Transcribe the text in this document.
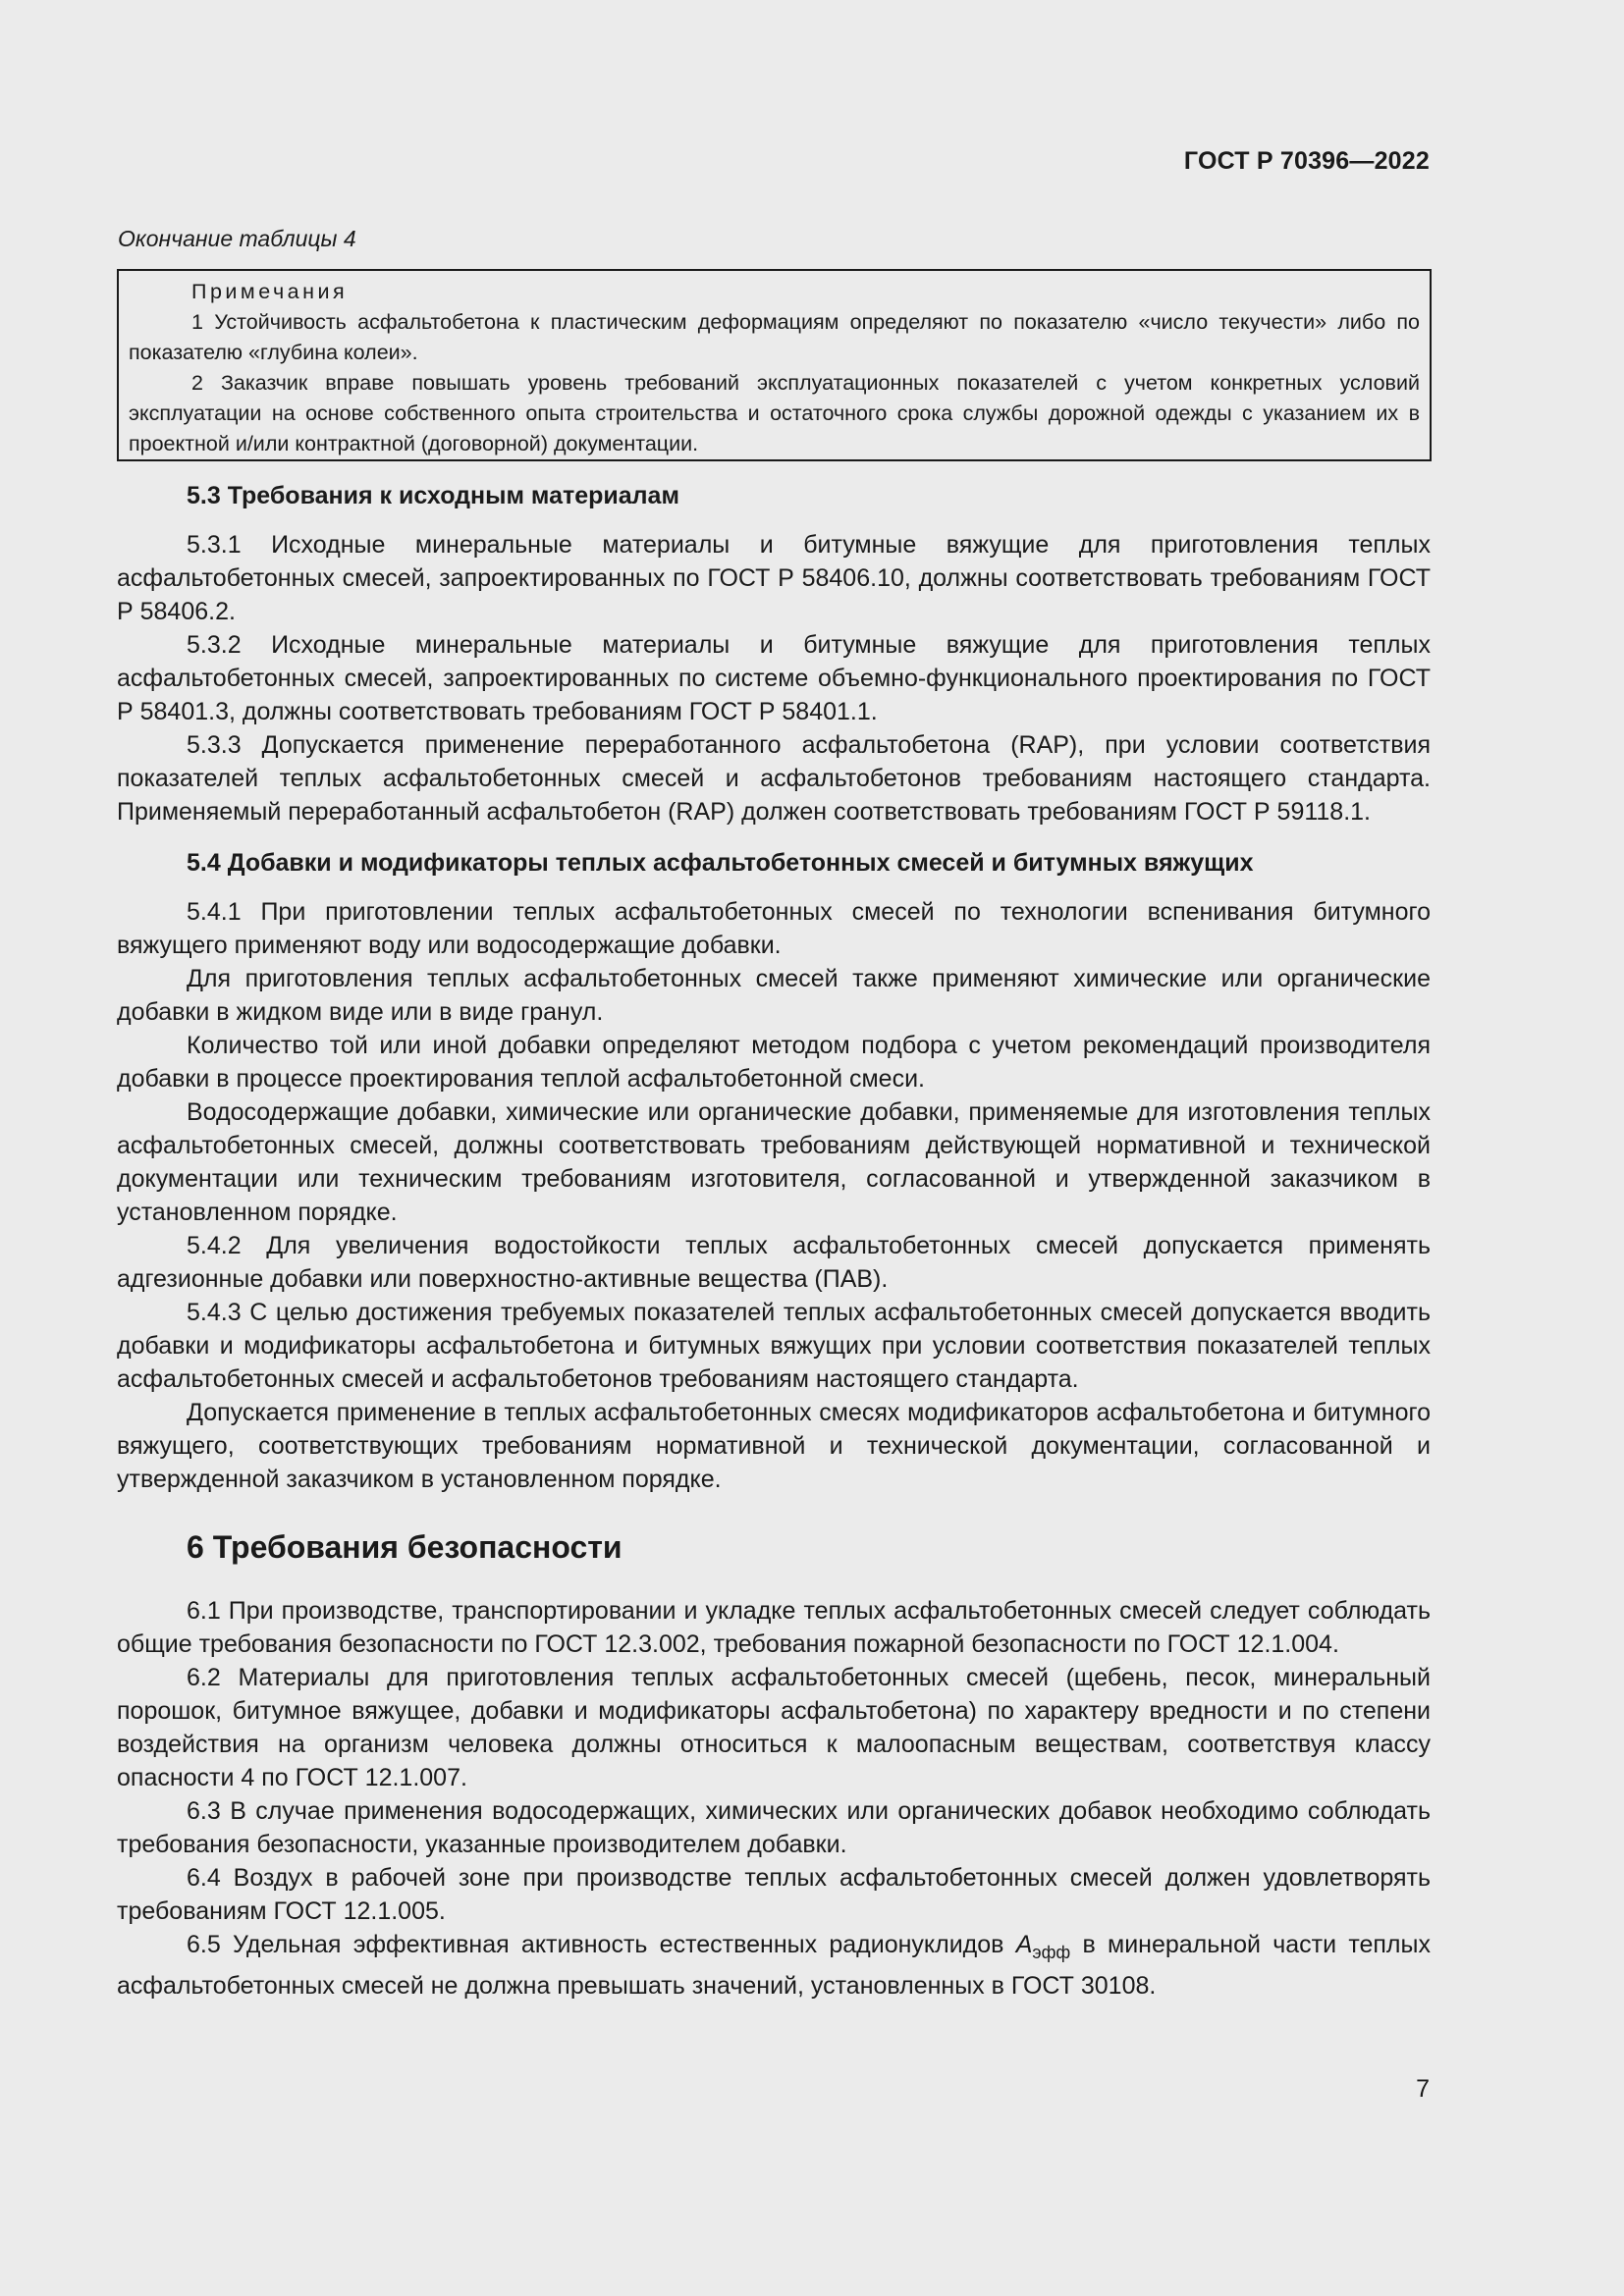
ГОСТ Р 70396—2022
Окончание таблицы 4
Примечания

1 Устойчивость асфальтобетона к пластическим деформациям определяют по показателю «число текучести» либо по показателю «глубина колеи».

2 Заказчик вправе повышать уровень требований эксплуатационных показателей с учетом конкретных условий эксплуатации на основе собственного опыта строительства и остаточного срока службы дорожной одежды с указанием их в проектной и/или контрактной (договорной) документации.

5.3 Требования к исходным материалам

5.3.1 Исходные минеральные материалы и битумные вяжущие для приготовления теплых асфальтобетонных смесей, запроектированных по ГОСТ Р 58406.10, должны соответствовать требованиям ГОСТ Р 58406.2.

5.3.2 Исходные минеральные материалы и битумные вяжущие для приготовления теплых асфальтобетонных смесей, запроектированных по системе объемно-функционального проектирования по ГОСТ Р 58401.3, должны соответствовать требованиям ГОСТ Р 58401.1.

5.3.3 Допускается применение переработанного асфальтобетона (RAP), при условии соответствия показателей теплых асфальтобетонных смесей и асфальтобетонов требованиям настоящего стандарта. Применяемый переработанный асфальтобетон (RAP) должен соответствовать требованиям ГОСТ Р 59118.1.

5.4 Добавки и модификаторы теплых асфальтобетонных смесей и битумных вяжущих

5.4.1 При приготовлении теплых асфальтобетонных смесей по технологии вспенивания битумного вяжущего применяют воду или водосодержащие добавки.

Для приготовления теплых асфальтобетонных смесей также применяют химические или органические добавки в жидком виде или в виде гранул.

Количество той или иной добавки определяют методом подбора с учетом рекомендаций производителя добавки в процессе проектирования теплой асфальтобетонной смеси.

Водосодержащие добавки, химические или органические добавки, применяемые для изготовления теплых асфальтобетонных смесей, должны соответствовать требованиям действующей нормативной и технической документации или техническим требованиям изготовителя, согласованной и утвержденной заказчиком в установленном порядке.

5.4.2 Для увеличения водостойкости теплых асфальтобетонных смесей допускается применять адгезионные добавки или поверхностно-активные вещества (ПАВ).

5.4.3 С целью достижения требуемых показателей теплых асфальтобетонных смесей допускается вводить добавки и модификаторы асфальтобетона и битумных вяжущих при условии соответствия показателей теплых асфальтобетонных смесей и асфальтобетонов требованиям настоящего стандарта.

Допускается применение в теплых асфальтобетонных смесях модификаторов асфальтобетона и битумного вяжущего, соответствующих требованиям нормативной и технической документации, согласованной и утвержденной заказчиком в установленном порядке.

6 Требования безопасности

6.1 При производстве, транспортировании и укладке теплых асфальтобетонных смесей следует соблюдать общие требования безопасности по ГОСТ 12.3.002, требования пожарной безопасности по ГОСТ 12.1.004.

6.2 Материалы для приготовления теплых асфальтобетонных смесей (щебень, песок, минеральный порошок, битумное вяжущее, добавки и модификаторы асфальтобетона) по характеру вредности и по степени воздействия на организм человека должны относиться к малоопасным веществам, соответствуя классу опасности 4 по ГОСТ 12.1.007.

6.3 В случае применения водосодержащих, химических или органических добавок необходимо соблюдать требования безопасности, указанные производителем добавки.

6.4 Воздух в рабочей зоне при производстве теплых асфальтобетонных смесей должен удовлетворять требованиям ГОСТ 12.1.005.

6.5 Удельная эффективная активность естественных радионуклидов $А_{эфф}$ в минеральной части теплых асфальтобетонных смесей не должна превышать значений, установленных в ГОСТ 30108.

7
